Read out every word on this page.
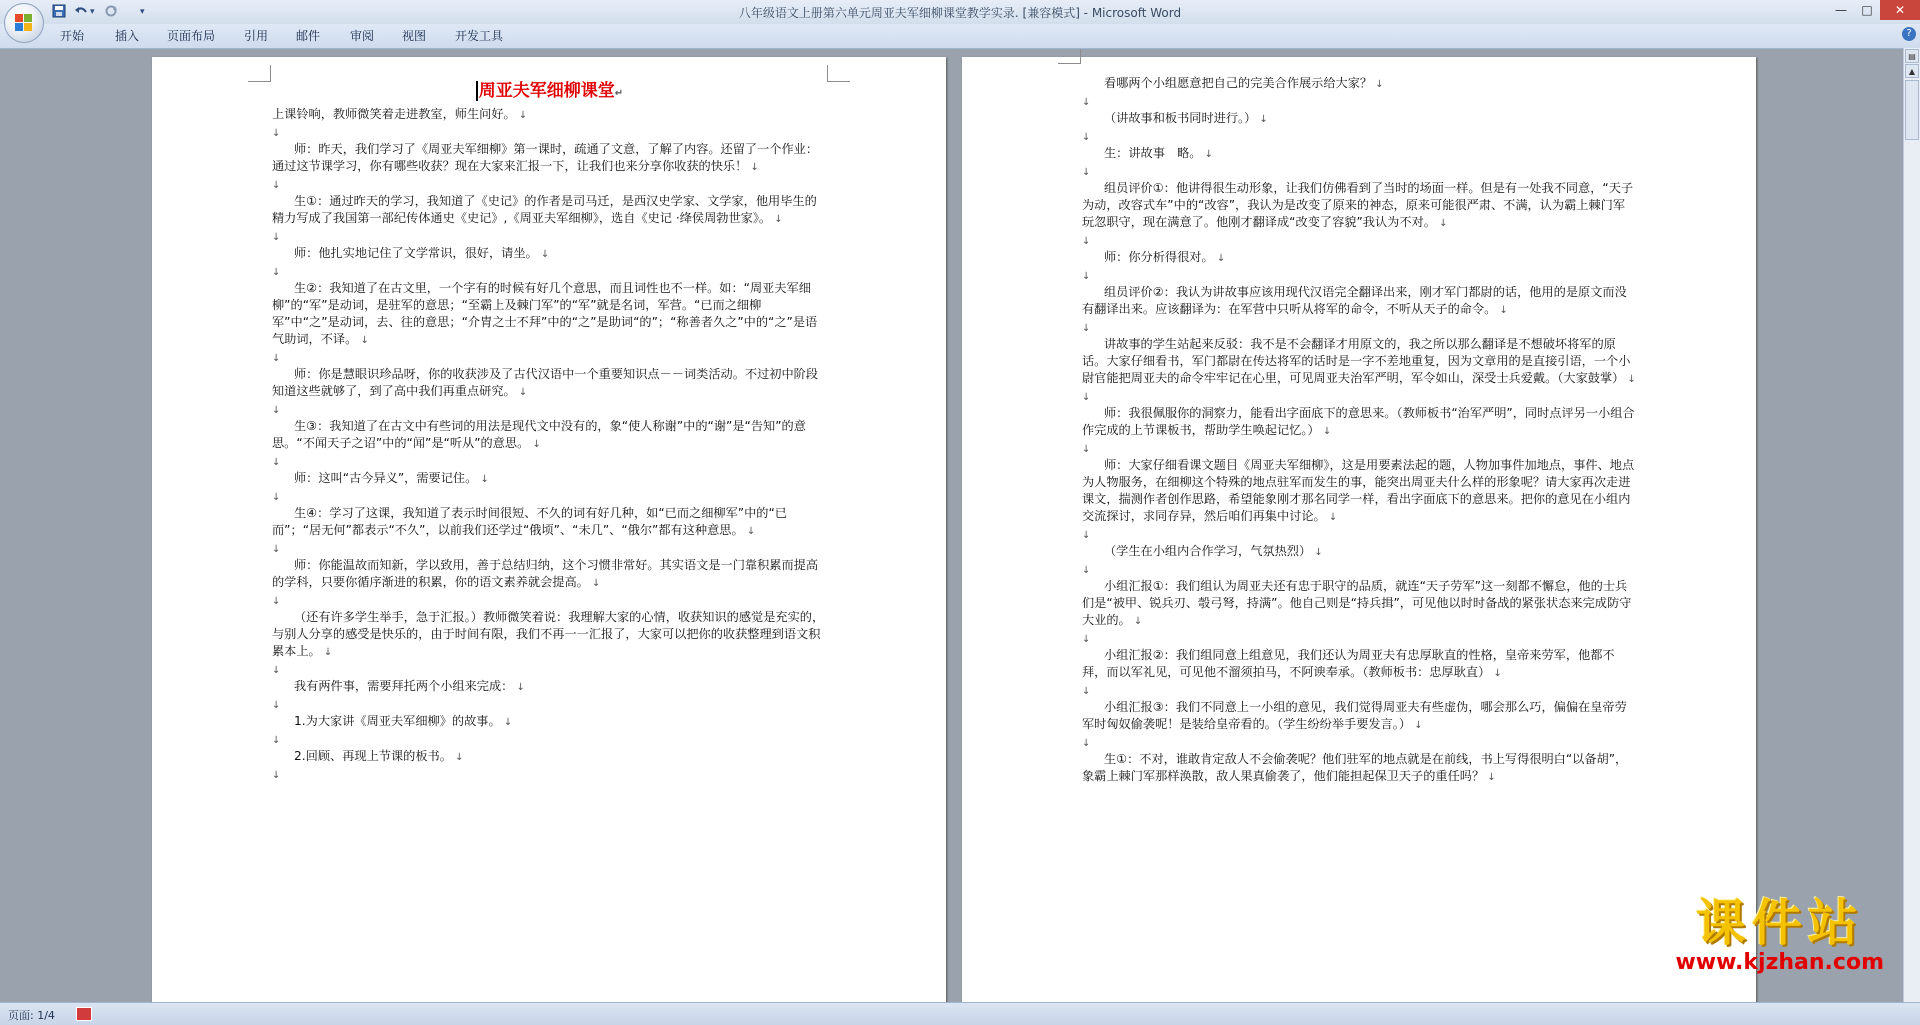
▾	▾	八年级语文上册第六单元周亚夫军细柳课堂教学实录. [兼容模式] - Microsoft Word	—	□	✕
开始	插入 页面布局 引用 邮件 审阅 视图 开发工具	?

周亚夫军细柳课堂↵

上课铃响，教师微笑着走进教室，师生问好。 ↓

↓

师：昨天，我们学习了《周亚夫军细柳》第一课时，疏通了文意，了解了内容。还留了一个作业：通过这节课学习，你有哪些收获？现在大家来汇报一下，让我们也来分享你收获的快乐！ ↓

↓

生①：通过昨天的学习，我知道了《史记》的作者是司马迁，是西汉史学家、文学家，他用毕生的精力写成了我国第一部纪传体通史《史记》,《周亚夫军细柳》，选自《史记 ·绛侯周勃世家》。 ↓

↓

师：他扎实地记住了文学常识，很好，请坐。 ↓

↓

生②：我知道了在古文里，一个字有的时候有好几个意思，而且词性也不一样。如：“周亚夫军细柳”的“军”是动词，是驻军的意思；“至霸上及棘门军”的“军”就是名词，军营。“已而之细柳军”中“之”是动词，去、往的意思；“介胄之士不拜”中的“之”是助词“的”；“称善者久之”中的“之”是语气助词，不译。 ↓

↓

师：你是慧眼识珍品呀，你的收获涉及了古代汉语中一个重要知识点－－词类活动。不过初中阶段知道这些就够了，到了高中我们再重点研究。 ↓

↓

生③：我知道了在古文中有些词的用法是现代文中没有的，象“使人称谢”中的“谢”是“告知”的意思。“不闻天子之诏”中的“闻”是“听从”的意思。 ↓

↓

师：这叫“古今异义”，需要记住。 ↓

↓

生④：学习了这课，我知道了表示时间很短、不久的词有好几种，如“已而之细柳军”中的“已而”；“居无何”都表示“不久”，以前我们还学过“俄顷”、“未几”、“俄尔”都有这种意思。 ↓

↓

师：你能温故而知新，学以致用，善于总结归纳，这个习惯非常好。其实语文是一门靠积累而提高的学科，只要你循序渐进的积累，你的语文素养就会提高。 ↓

↓

（还有许多学生举手，急于汇报。）教师微笑着说：我理解大家的心情，收获知识的感觉是充实的，与别人分享的感受是快乐的，由于时间有限，我们不再一一汇报了，大家可以把你的收获整理到语文积累本上。 ↓

↓

我有两件事，需要拜托两个小组来完成： ↓

↓

1.为大家讲《周亚夫军细柳》的故事。 ↓

↓

2.回顾、再现上节课的板书。 ↓

↓

看哪两个小组愿意把自己的完美合作展示给大家？ ↓

↓

（讲故事和板书同时进行。） ↓

↓

生：讲故事　略。 ↓

↓

组员评价①：他讲得很生动形象，让我们仿佛看到了当时的场面一样。但是有一处我不同意，“天子为动，改容式车”中的“改容”，我认为是改变了原来的神态，原来可能很严肃、不满，认为霸上棘门军玩忽职守，现在满意了。他刚才翻译成“改变了容貌”我认为不对。 ↓

↓

师：你分析得很对。 ↓

↓

组员评价②：我认为讲故事应该用现代汉语完全翻译出来，刚才军门都尉的话，他用的是原文而没有翻译出来。应该翻译为：在军营中只听从将军的命令，不听从天子的命令。 ↓

↓

讲故事的学生站起来反驳：我不是不会翻译才用原文的，我之所以那么翻译是不想破坏将军的原话。大家仔细看书，军门都尉在传达将军的话时是一字不差地重复，因为文章用的是直接引语，一个小尉官能把周亚夫的命令牢牢记在心里，可见周亚夫治军严明，军令如山，深受士兵爱戴。（大家鼓掌） ↓

↓

师：我很佩服你的洞察力，能看出字面底下的意思来。（教师板书“治军严明”，同时点评另一小组合作完成的上节课板书，帮助学生唤起记忆。） ↓

↓

师：大家仔细看课文题目《周亚夫军细柳》，这是用要素法起的题，人物加事件加地点，事件、地点为人物服务，在细柳这个特殊的地点驻军而发生的事，能突出周亚夫什么样的形象呢？请大家再次走进课文，揣测作者创作思路，希望能象刚才那名同学一样，看出字面底下的意思来。把你的意见在小组内交流探讨，求同存异，然后咱们再集中讨论。 ↓

↓

（学生在小组内合作学习，气氛热烈） ↓

↓

小组汇报①：我们组认为周亚夫还有忠于职守的品质，就连“天子劳军”这一刻都不懈怠，他的士兵们是“被甲、锐兵刃、彀弓弩，持满”。他自己则是“持兵揖”，可见他以时时备战的紧张状态来完成防守大业的。 ↓

↓

小组汇报②：我们组同意上组意见，我们还认为周亚夫有忠厚耿直的性格，皇帝来劳军，他都不拜，而以军礼见，可见他不溜须拍马，不阿谀奉承。（教师板书：忠厚耿直） ↓

↓

小组汇报③：我们不同意上一小组的意见，我们觉得周亚夫有些虚伪，哪会那么巧，偏偏在皇帝劳军时匈奴偷袭呢！是装给皇帝看的。（学生纷纷举手要发言。） ↓

↓

生①：不对，谁敢肯定敌人不会偷袭呢？他们驻军的地点就是在前线，书上写得很明白“以备胡”，象霸上棘门军那样涣散，敌人果真偷袭了，他们能担起保卫天子的重任吗？ ↓

课件站
www.kjzhan.com
▤
▲
页面: 1/4
